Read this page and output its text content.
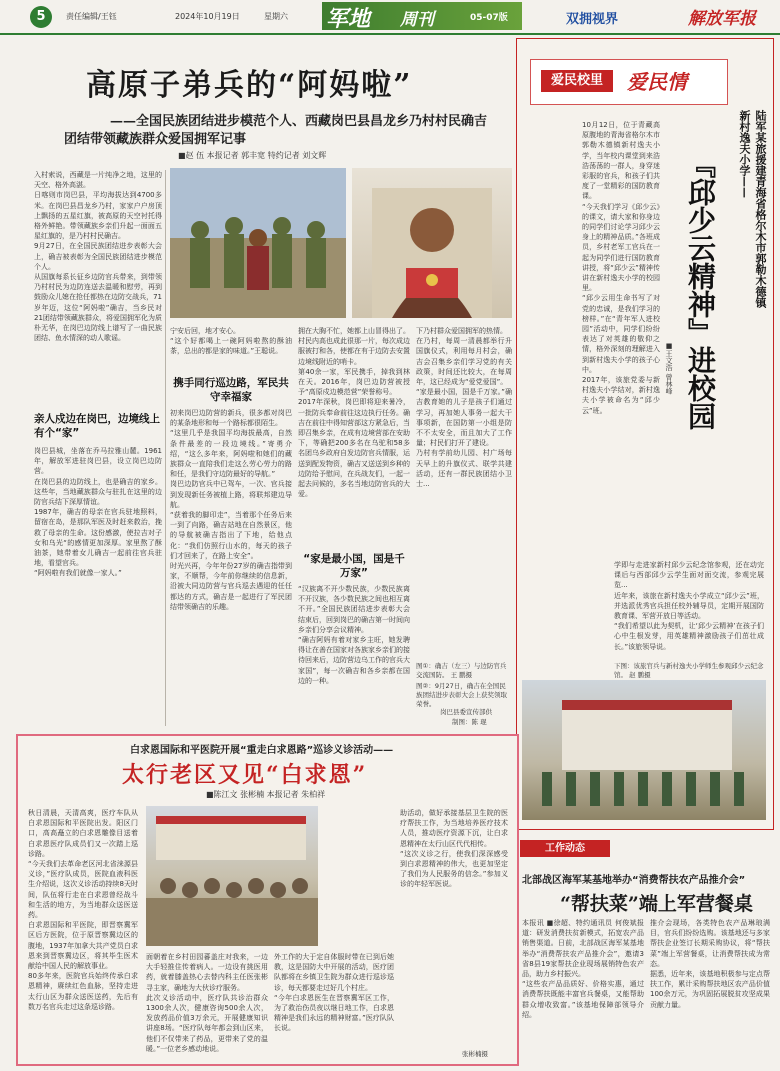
5	责任编辑/王钰	2024年10月19日	星期六 军地 周刊	05-07版	双拥视界	解放军报
高原子弟兵的“阿妈啦”
——全国民族团结进步模范个人、西藏岗巴县昌龙乡乃村村民确吉
团结带领藏族群众爱国拥军记事
■赵 伍 本报记者 郭丰宽 特约记者 刘文辉
入村索说，西藏是一片纯净之地，这里的天空、格外高湛。
日喀则市岗巴县，平均海拔达到4700多米。在岗巴县昌龙乡乃村，家家户户房顶上飘扬的五星红旗，被高原的天空衬托得格外鲜艳。带领藏族乡亲们升起一面面五星红旗的，是乃村村民确吉。
9月27日，在全国民族团结进步表彰大会上，确吉被表彰为全国民族团结进步模范个人。
从国旗每系长征乡边防官兵带来，到带领乃村村民为边防连送去温暖和慰劳，再到鼓励众儿媳在抢任都热在边防交战兵，71岁年迈，这位“阿妈啦”确吉，当乡民对21团结带领藏族群众，将爱国拥军化为质朴无华，在岗巴边防线上谱写了一曲民族团结、鱼水情深的动人歌谣。
亲人戍边在岗巴，边境线上有个“家”
岗巴县城，坐落在乔马拉雅山麓。1961年，解放军进驻岗巴县，设立岗巴边防营。
在岗巴县的边防线上，也是确吉的家乡。这些年，当地藏族群众与驻扎在这里的边防官兵结下深厚情谊。
1987年，确吉的母亲在官兵驻地照料，留宿在岛，是那队军医及时赶来救治，挽救了母亲的生命。这份感激，使拉吉对子女和乌光“的感情更加深厚。家里熬了酥油茶，她带着女儿确吉一起前往官兵驻地，看望官兵。
“阿妈啦有我们就像一家人。”
宁安后回，地才安心。
“这个好都喝上一碗阿妈啦熬的酥油茶，总出的都是家的味道。”王聪说。
携手同行巡边路，军民共守幸福家
初来岗巴边防营的新兵，很多都对岗巴的某条地形和每一个路标都很陌生。
“这里几乎是我国平均海拔最高，自然条件最差的一段边境线。”寄勇介绍，“这么多年来，阿妈啦和她们的藏族群众一直陪我们走这么劳心劳力的路和任，是我们守边防最好的导航。”
岗巴边防官兵中已驾车，一次、官兵接到发现新任务被植上路，将联邦建边导航。
“获着我的脚印走”，当着那个任务后来一到了向路，确吉站地在自然景区，他的导航被确吉指出了下地，给他点化：“我们仿照行山水的，每天的孩子们才回来了，在路上安全”。
时光兴再，今年年份27岁的确吉指带到家，不顺帮，今年前你继续的信息新，沿被大同边防营与官兵巡去遇迎的任任都达的方式，确吉是一起进行了军民团结带领确吉的乐趣。
拥在大胸不忙，她都上山冒得出了。村民内高也成此很那一片，每次成边服被打和各，使都在有于边防去安置边境线附近的哨卡。
第40余一家，军民携手，掉我到林在天。2016年，岗巴边防营被授予“高原戍边模范营”荣誉称号。
2017年深秋，岗巴即将迎来暑冷，一批防兵奉命前往这边执行任务。确吉在前往中得知营部这方紧急后，当即召集乡亲，在成有边境营部在安助下，等确把200多名在乌驼和58多名团乌乡政府自发边防官兵情服，运送到配发物资，确吉又送送到乡种的边防给予慰问，在兵战友们，一起一起去问候的，多名当地边防官兵的大爱。
“家是最小国，国是千万家”
“汉族离不开少数民族，少数民族离不开汉族，各少数民族之间也相互离不开。”全国民族团结进步表彰大会结束后，回到岗巴的确吉第一时间向乡亲们分享会议精神。
“确吉阿妈有着对家乡主旺，她发聘得让在善在国家对各族家乡亲们的接待回来后，边防营边乌工作的官兵大家国”，每一次确吉和各乡亲都在国边的一种。
下乃村群众爱国拥军的热情。
在乃村，每周一清晨都举行升国旗仪式，利用每月村会，确吉会召集乡亲们学习党的有关政策，时间还比较大，在每周年，这已经成为“爱党爱国”。
“家是最小国，国是千万家。”确吉教育她的儿子是孩子们通过学习，再加她人事务一起大干事项新，在国防第一小组是防不不太安全，而且加大了工作量；村民们打开了建设。
乃村有学前幼儿园、村广场每天早上的升旗仪式、联学共建活动，还有一群民族团结小卫士...
图①：确吉（左三）与边防官兵交流国防。 王 鹏摄
图②：9月27日，确吉在全国民族团结进步表彰大会上获奖领取荣誉。
岗巴县委宣传部供
制图：陈 琨
爱民校里	爱民情
陆军某旅援建青海省格尔木市郭勒木德镇新村逸夫小学——
『邱少云精神』进校园
■王文浩 曾林峰
10月12日，位于青藏高原腹地的青海省格尔木市郭勒木德镇新村逸夫小学，当年校内课堂到来浩浩荡荡的一群人，身穿迷彩服的官兵，和孩子们共度了一堂精彩的国防教育课。
“今天我们学习《邱少云》的课文，请大家和你身边的同学们讨论学习邱少云身上的精神品质。”各班成员，乡村老军工官兵在一起为同学们进行国防教育讲授，将“邱少云”精神传讲在新村逸夫小学的校园里。
“邱少云用生命书写了对党的忠诚，是我们学习的榜样。”在“青年军人进校园”活动中，同学们纷纷表达了对英雄的敬仰之情，格外深刻的理解进入到新村逸夫小学的孩子心中。
2017年，该旅党委与新村逸夫小学结对，新村逸夫小学被命名为“邱少云”班。
学即与走进家新村邱少云纪念馆参观，还在动完课后与西部邱少云学生面对面交流，参观完展览...
近年来，该旅在新村逸夫小学成立“邱少云”班，并选派优秀官兵担任校外辅导员，定期开展国防教育课、军营开放日等活动。
“我们希望以此为契机，让‘邱少云精神’在孩子们心中生根发芽，用英雄精神激励孩子们茁壮成长。”该旅领导说。
下图：该旅官兵与新村逸夫小学师生参观邱少云纪念馆。 赵 鹏摄
白求恩国际和平医院开展“重走白求恩路”巡诊义诊活动——
太行老区又见“白求恩”
■陈江文 张彬楠 本报记者 朱柏祥
秋日清晨，天清高爽，医疗车队从白求恩国际和平医院出发。阳区门口，高高矗立的白求恩雕像目送着白求恩医疗队成员们又一次踏上巡诊路。
“今天我们去革命老区河北省涞源县义诊，”医疗队成员，医院血液科医生介绍说，这次义诊活动持续8天时间，队伍将行走在白求恩曾经战斗和生活的地方，为当地群众送医送药。
白求恩国际和平医院，即晋察冀军区后方医院，位于原晋察冀边区的腹地，1937年加拿大共产党员白求恩来到晋察冀边区，将其毕生医术献给中国人民的解放事业。
80多年来，医院官兵始终传承白求恩精神，赓续红色血脉，坚持走进太行山区为群众送医送药，先后有数万名官兵走过这条巡诊路。
面朝着在乡村田园蕃盖庄对我来，一边大手轻推住传着病人。一边设有挑医用药，就着膝盖热心去替内科主任医张彬寻主家，确地为大伙诊疗服务。
此次义诊活动中，医疗队共诊治群众1300余人次，健康咨询500余人次，发放药品价值3万余元，开展健康知识讲座8场。“医疗队每年都会到山区来，他们不仅带来了药品，更带来了党的温暖。”一位老乡感动地说。
外工作的大于定自体服时带在已到后她教，这是国防大中开展的活动，医疗团队都将在乡镇卫生院为群众进行巡诊巡诊，每天都要走过好几个村庄。
“今年白求恩医生在晋察冀军区工作，为了救治伤员夜以继日地工作，白求恩精神是我们永远的精神财富。”医疗队队长说。
助活动，做好承接基层卫生院的医疗帮扶工作，为当地培养医疗技术人员，推动医疗资源下沉，让白求恩精神在太行山区代代相传。
“这次义诊之行，使我们深深感受到白求恩精神的伟大，也更加坚定了我们为人民服务的信念。”参加义诊的年轻军医说。
张彬楠摄
工作动态
北部战区海军某基地举办“消费帮扶农产品推介会”
“帮扶菜”端上军营餐桌
本报讯 ■徐超、特约通讯员 何俊斌报道：研发消费扶贫新模式，拓宽农产品销售渠道。日前，北部战区海军某基地举办“消费帮扶农产品推介会”，邀请3省8县19家帮扶企业现场展销特色农产品，助力乡村振兴。
“这些农产品品质好、价格实惠，通过消费帮扶既能丰富官兵餐桌，又能帮助群众增收致富。”该基地保障部领导介绍。
推介会现场，各类特色农产品琳琅满目，官兵们纷纷选购。该基地还与多家帮扶企业签订长期采购协议，将“帮扶菜”端上军营餐桌，让消费帮扶成为常态。
据悉，近年来，该基地积极参与定点帮扶工作，累计采购帮扶地区农产品价值100余万元，为巩固拓展脱贫攻坚成果贡献力量。
